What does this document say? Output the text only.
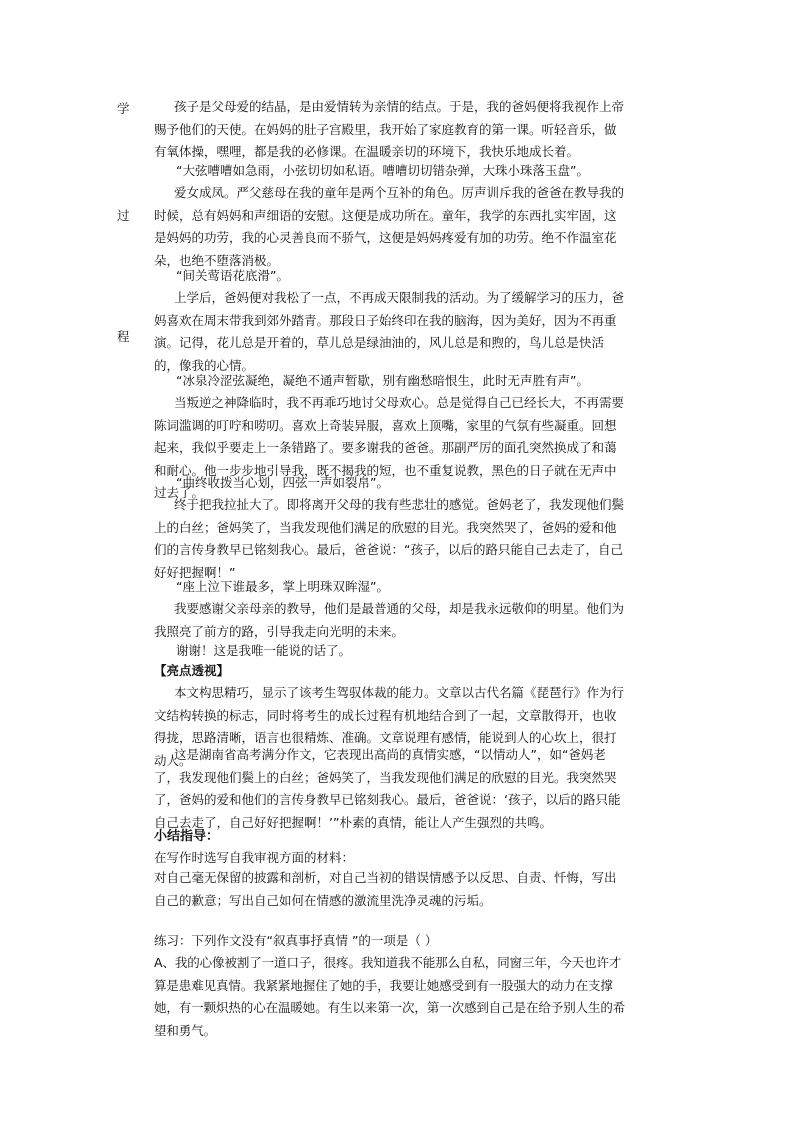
学
过
程

孩子是父母爱的结晶，是由爱情转为亲情的结点。于是，我的爸妈便将我视作上帝赐予他们的天使。在妈妈的肚子宫殿里，我开始了家庭教育的第一课。听轻音乐，做有氧体操，嘿哩，都是我的必修课。在温暖亲切的环境下，我快乐地成长着。

“大弦嘈嘈如急雨，小弦切切如私语。嘈嘈切切错杂弹，大珠小珠落玉盘”。

爱女成凤。严父慈母在我的童年是两个互补的角色。厉声训斥我的爸爸在教导我的时候，总有妈妈和声细语的安慰。这便是成功所在。童年，我学的东西扎实牢固，这是妈妈的功劳，我的心灵善良而不骄气，这便是妈妈疼爱有加的功劳。绝不作温室花朵，也绝不堕落消极。

“间关莺语花底滑”。

上学后，爸妈便对我松了一点，不再成天限制我的活动。为了缓解学习的压力，爸妈喜欢在周末带我到郊外踏青。那段日子始终印在我的脑海，因为美好，因为不再重演。记得，花儿总是开着的，草儿总是绿油油的，风儿总是和煦的，鸟儿总是快活的，像我的心情。

“冰泉冷涩弦凝绝，凝绝不通声暂歇，别有幽愁暗恨生，此时无声胜有声”。

当叛逆之神降临时，我不再乖巧地讨父母欢心。总是觉得自己已经长大，不再需要陈词滥调的叮咛和唠叨。喜欢上奇装异服，喜欢上顶嘴，家里的气氛有些凝重。回想起来，我似乎要走上一条错路了。要多谢我的爸爸。那副严厉的面孔突然换成了和蔼和耐心。他一步步地引导我，既不揭我的短，也不重复说教，黑色的日子就在无声中过去了。

“曲终收拨当心划，四弦一声如裂帛”。

终于把我拉扯大了。即将离开父母的我有些悲壮的感觉。爸妈老了，我发现他们鬓上的白丝；爸妈笑了，当我发现他们满足的欣慰的目光。我突然哭了，爸妈的爱和他们的言传身教早已铭刻我心。最后，爸爸说：“孩子，以后的路只能自己去走了，自己好好把握啊！”

“座上泣下谁最多，掌上明珠双眸湿”。

我要感谢父亲母亲的教导，他们是最普通的父母，却是我永远敬仰的明星。他们为我照亮了前方的路，引导我走向光明的未来。

谢谢！这是我唯一能说的话了。

【亮点透视】

本文构思精巧，显示了该考生驾驭体裁的能力。文章以古代名篇《琵琶行》作为行文结构转换的标志，同时将考生的成长过程有机地结合到了一起，文章散得开，也收得拢，思路清晰，语言也很精炼、准确。文章说理有感情，能说到人的心坎上，很打动人。

这是湖南省高考满分作文，它表现出高尚的真情实感，“以情动人”，如“爸妈老了，我发现他们鬓上的白丝；爸妈笑了，当我发现他们满足的欣慰的目光。我突然哭了，爸妈的爱和他们的言传身教早已铭刻我心。最后，爸爸说：‘孩子，以后的路只能自己去走了，自己好好把握啊！’”朴素的真情，能让人产生强烈的共鸣。

小结指导：

在写作时选写自我审视方面的材料：

对自己毫无保留的披露和剖析，对自己当初的错误情感予以反思、自责、忏悔，写出自己的歉意；写出自己如何在情感的激流里洗净灵魂的污垢。

练习：下列作文没有“叙真事抒真情 ”的一项是（ ）

A、我的心像被割了一道口子，很疼。我知道我不能那么自私，同窗三年，今天也许才算是患难见真情。我紧紧地握住了她的手，我要让她感受到有一股强大的动力在支撑她，有一颗炽热的心在温暖她。有生以来第一次，第一次感到自己是在给予别人生的希望和勇气。
